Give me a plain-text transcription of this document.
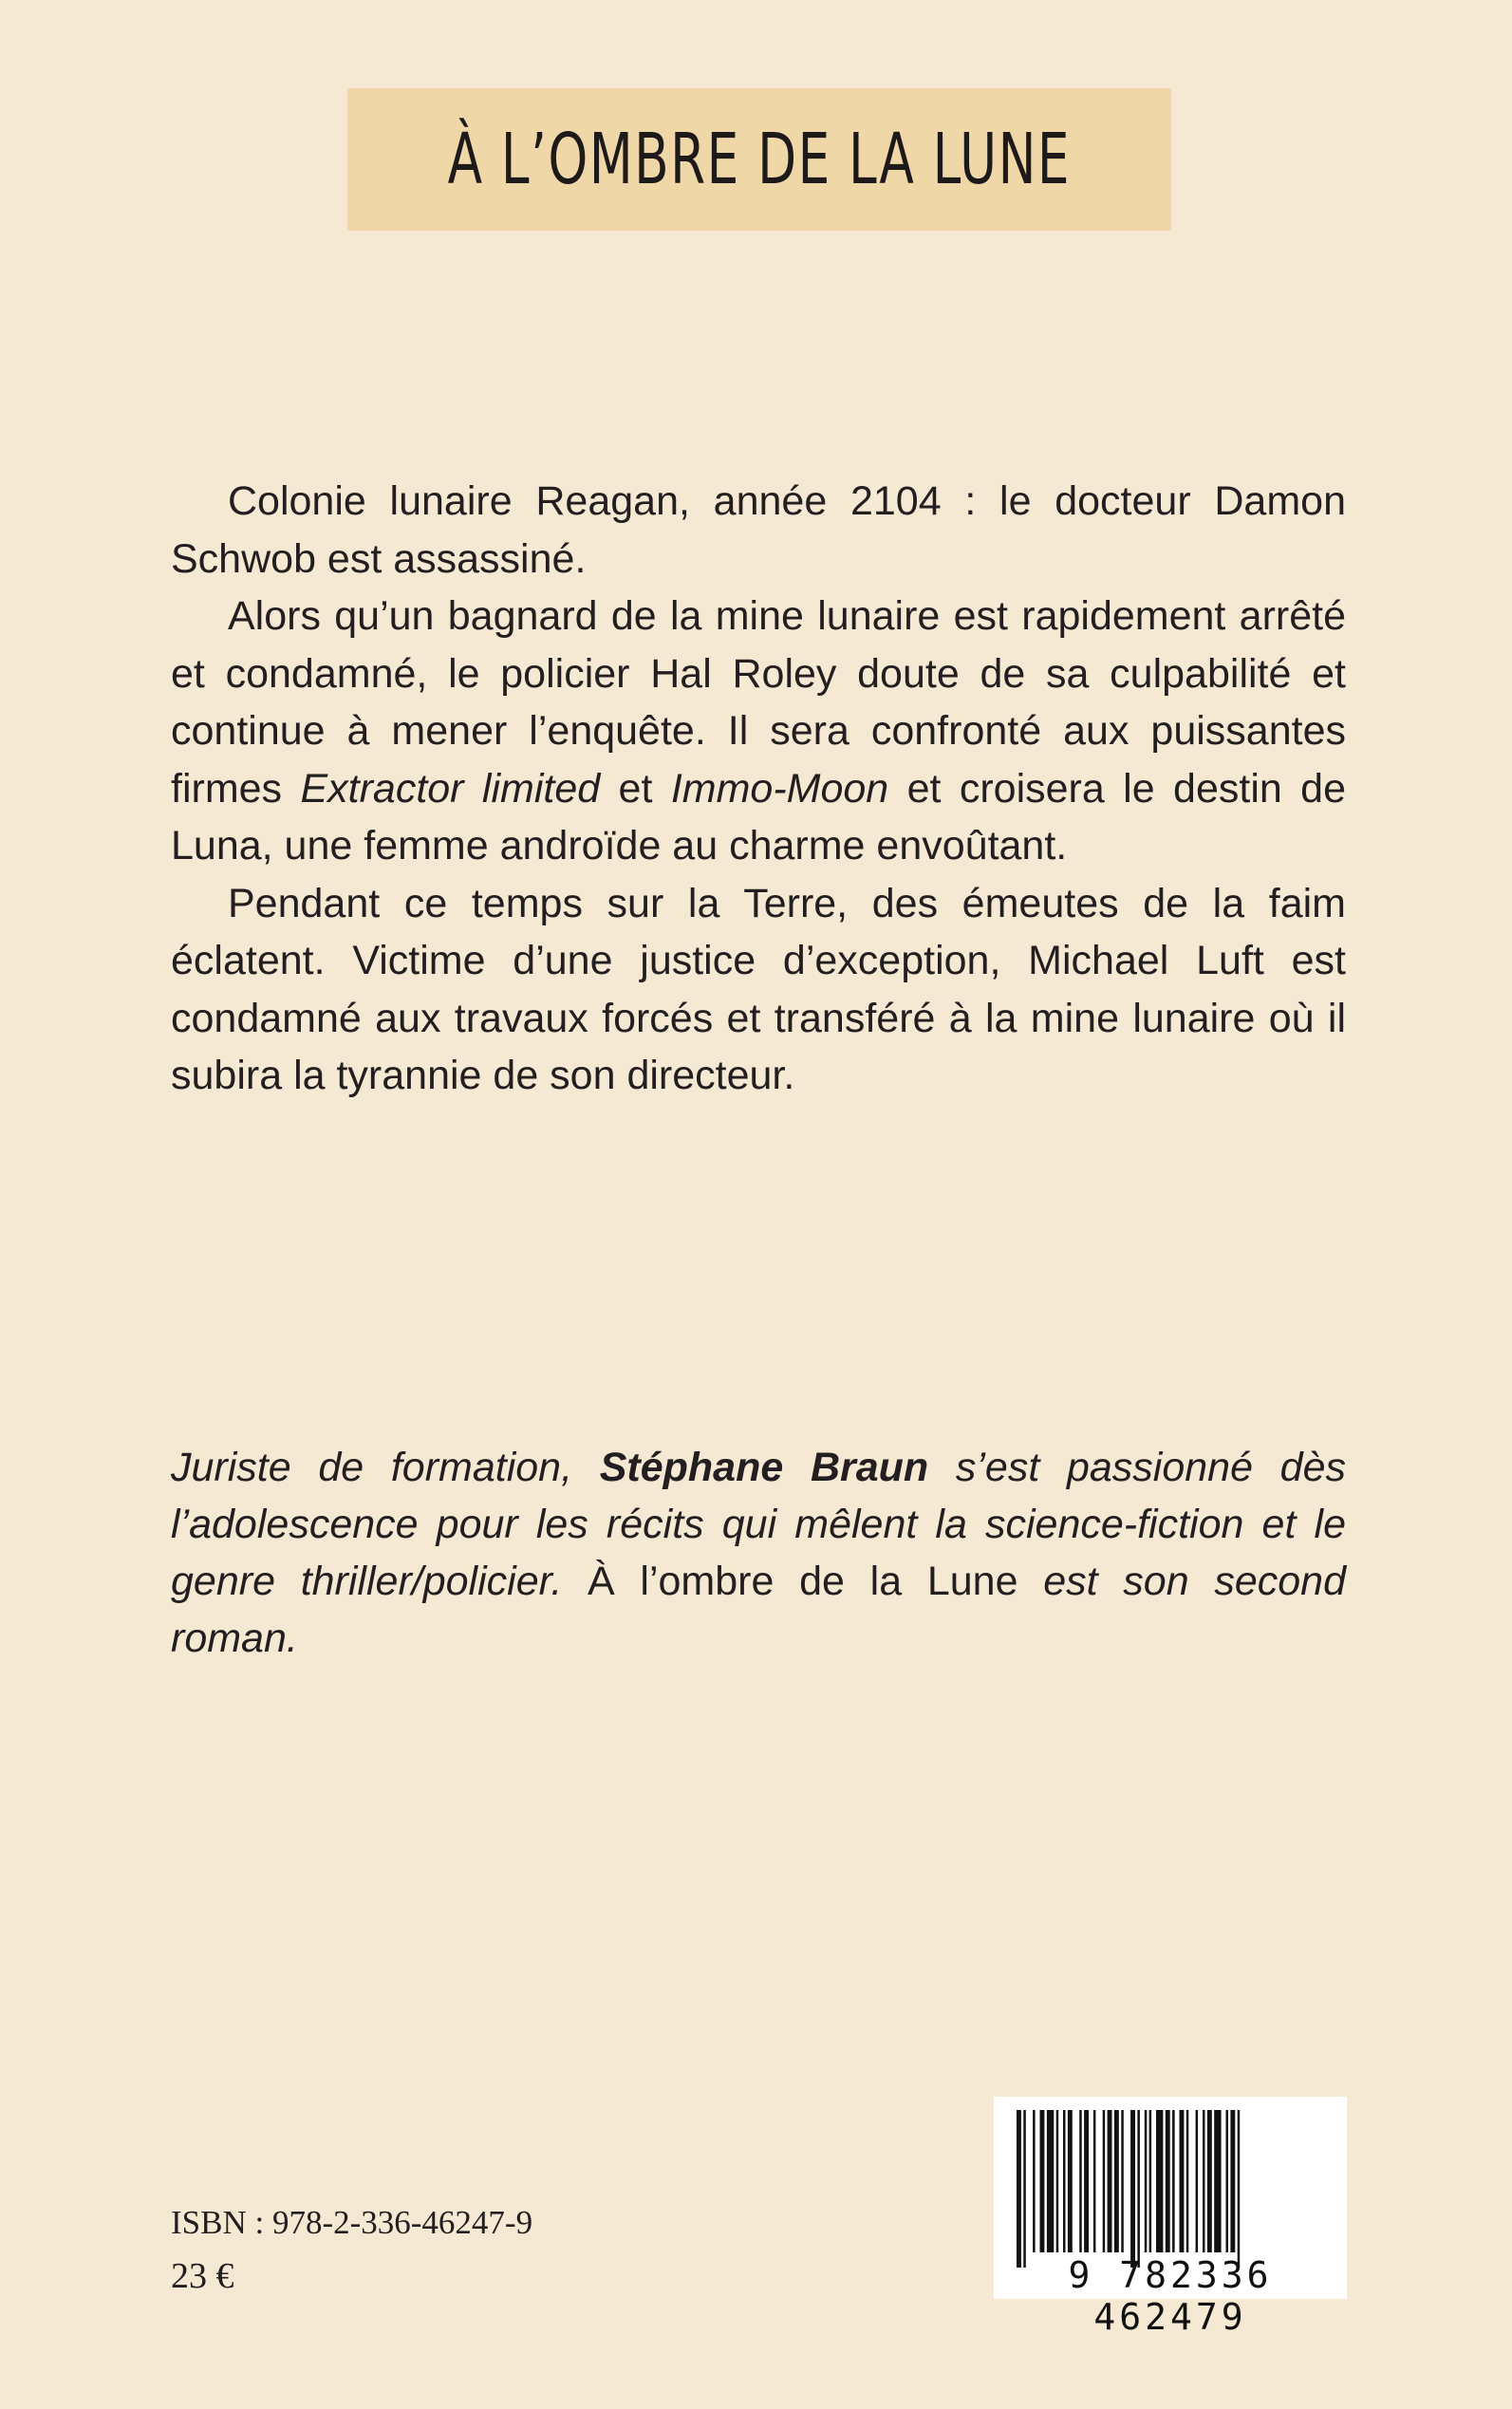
À L’OMBRE DE LA LUNE

Colonie lunaire Reagan, année 2104 : le docteur Damon Schwob est assassiné.

Alors qu’un bagnard de la mine lunaire est rapidement arrêté et condamné, le policier Hal Roley doute de sa culpabilité et continue à mener l’enquête. Il sera confronté aux puissantes firmes Extractor limited et Immo-Moon et croisera le destin de Luna, une femme androïde au charme envoûtant.

Pendant ce temps sur la Terre, des émeutes de la faim éclatent. Victime d’une justice d’exception, Michael Luft est condamné aux travaux forcés et transféré à la mine lunaire où il subira la tyrannie de son directeur.

Juriste de formation, Stéphane Braun s’est passionné dès l’adolescence pour les récits qui mêlent la science-fiction et le genre thriller/policier. À l’ombre de la Lune est son second roman.
ISBN : 978-2-336-46247-9
23 €	9 782336 462479
